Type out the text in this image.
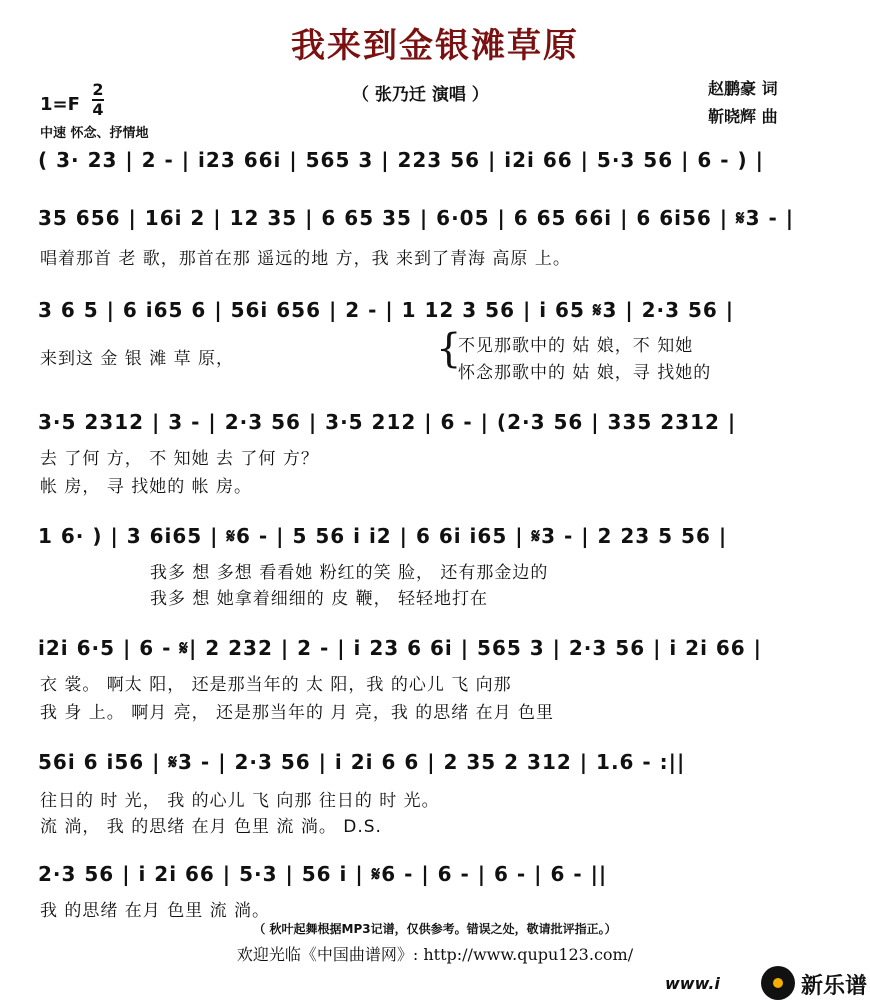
我来到金银滩草原
（ 张乃迁 演唱 ）	赵鹏豪 词
靳晓辉 曲
1=F
2
4
中速 怀念、抒情地
( 3· 23 | 2 - | i23 66i | 565 3 | 223 56 | i2i 66 | 5·3 56 | 6 - ) |
35 656 | 16i 2 | 12 35 | 6 65 35 | 6·05 | 6 65 66i | 6 6i56 | 𝄋3 - |
唱着那首 老 歌，那首在那 遥远的地 方，我 来到了青海 高原 上。
3 6 5 | 6 i65 6 | 56i 656 | 2 - | 1 12 3 56 | i 65 𝄋3 | 2·3 56 |
来到这 金 银 滩 草 原，	{
不见那歌中的 姑 娘，不 知她
怀念那歌中的 姑 娘，寻 找她的
3·5 2312 | 3 - | 2·3 56 | 3·5 212 | 6 - | (2·3 56 | 335 2312 |
去 了何 方， 不 知她 去 了何 方？
帐 房， 寻 找她的 帐 房。
1 6· ) | 3 6i65 | 𝄋6 - | 5 56 i i2 | 6 6i i65 | 𝄋3 - | 2 23 5 56 |
我多 想 多想 看看她 粉红的笑 脸， 还有那金边的
我多 想 她拿着细细的 皮 鞭， 轻轻地打在
i2i 6·5 | 6 - 𝄋| 2 232 | 2 - | i 23 6 6i | 565 3 | 2·3 56 | i 2i 66 |
衣 裳。 啊太 阳， 还是那当年的 太 阳，我 的心儿 飞 向那
我 身 上。 啊月 亮， 还是那当年的 月 亮，我 的思绪 在月 色里
56i 6 i56 | 𝄋3 - | 2·3 56 | i 2i 6 6 | 2 35 2 312 | 1.6 - :||
往日的 时 光， 我 的心儿 飞 向那 往日的 时 光。
流 淌， 我 的思绪 在月 色里 流 淌。 D.S.
2·3 56 | i 2i 66 | 5·3 | 56 i | 𝄋6 - | 6 - | 6 - | 6 - ||
我 的思绪 在月 色里 流 淌。
（ 秋叶起舞根据MP3记谱，仅供参考。错误之处，敬请批评指正。）
欢迎光临《中国曲谱网》: http://www.qupu123.com/
www.i	新乐谱
